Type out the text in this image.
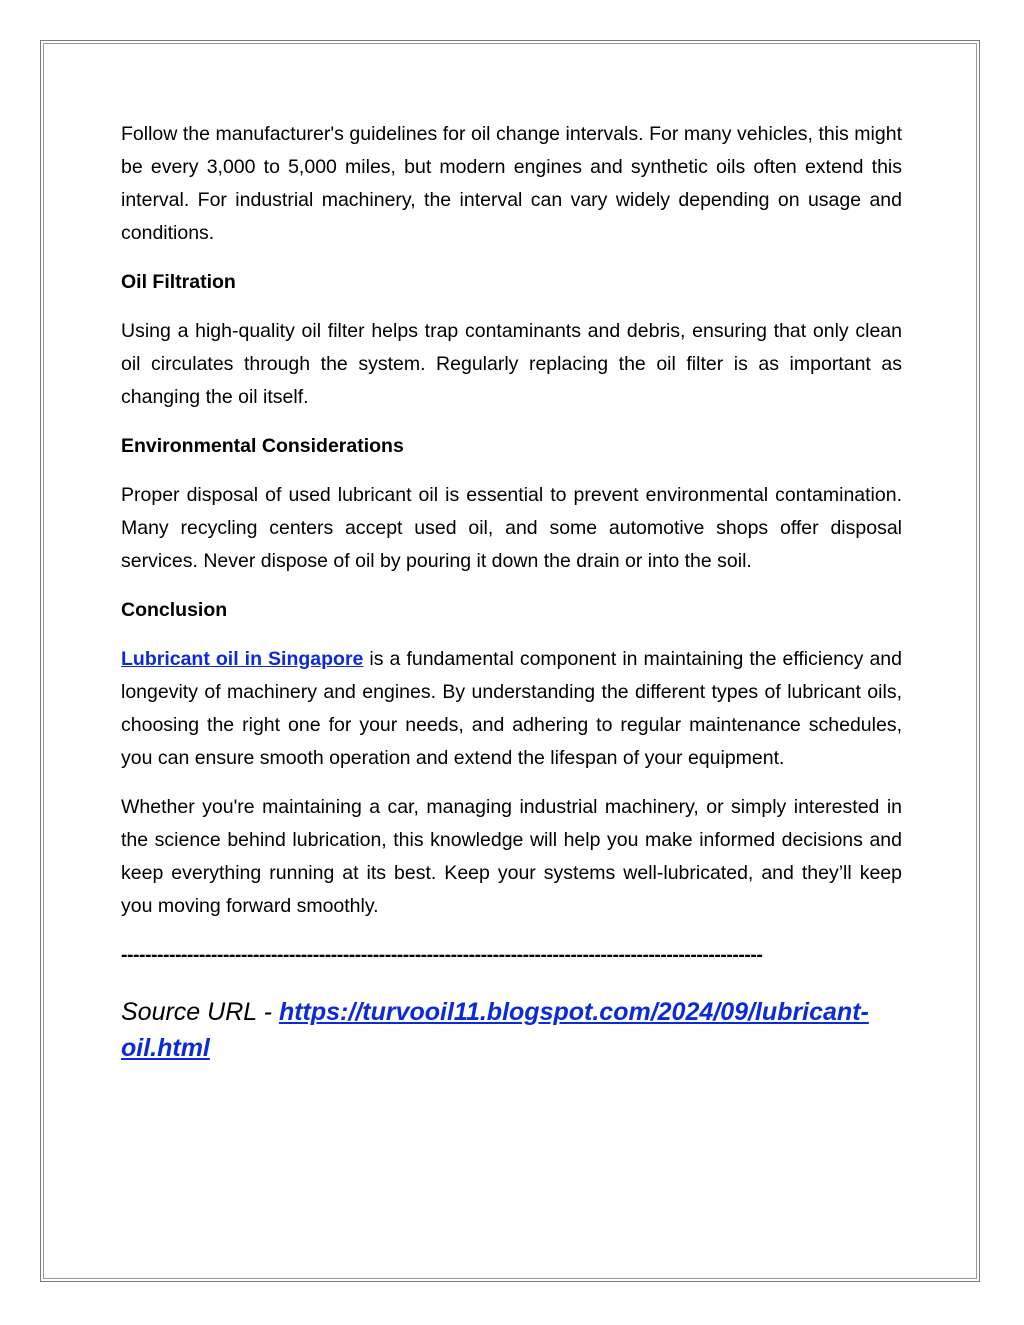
Follow the manufacturer's guidelines for oil change intervals. For many vehicles, this might be every 3,000 to 5,000 miles, but modern engines and synthetic oils often extend this interval. For industrial machinery, the interval can vary widely depending on usage and conditions.

Oil Filtration

Using a high-quality oil filter helps trap contaminants and debris, ensuring that only clean oil circulates through the system. Regularly replacing the oil filter is as important as changing the oil itself.

Environmental Considerations

Proper disposal of used lubricant oil is essential to prevent environmental contamination. Many recycling centers accept used oil, and some automotive shops offer disposal services. Never dispose of oil by pouring it down the drain or into the soil.

Conclusion

Lubricant oil in Singapore is a fundamental component in maintaining the efficiency and longevity of machinery and engines. By understanding the different types of lubricant oils, choosing the right one for your needs, and adhering to regular maintenance schedules, you can ensure smooth operation and extend the lifespan of your equipment.

Whether you're maintaining a car, managing industrial machinery, or simply interested in the science behind lubrication, this knowledge will help you make informed decisions and keep everything running at its best. Keep your systems well-lubricated, and they’ll keep you moving forward smoothly.

-----------------------------------------------------------------------------------------------------------
Source URL - https://turvooil11.blogspot.com/2024/09/lubricant-oil.html
